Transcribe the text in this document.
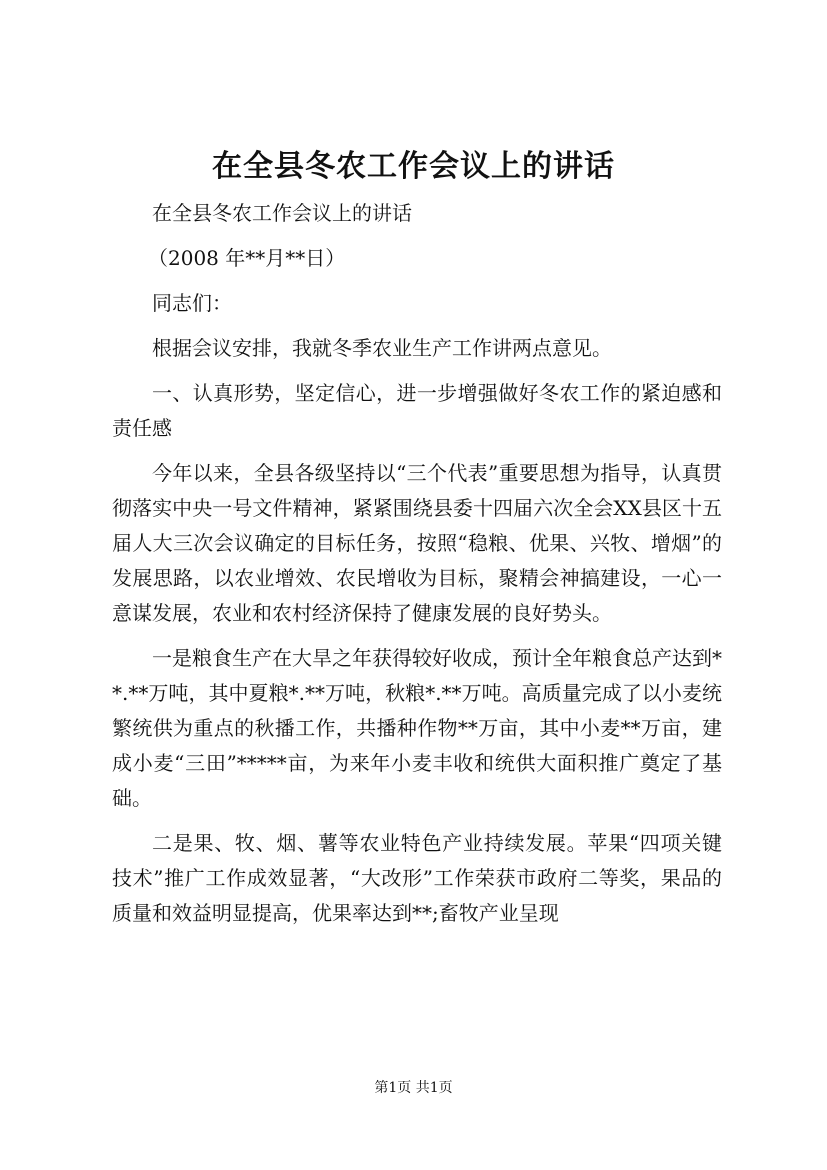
在全县冬农工作会议上的讲话

在全县冬农工作会议上的讲话

（2008 年**月**日）

同志们：

根据会议安排，我就冬季农业生产工作讲两点意见。

一、认真形势，坚定信心，进一步增强做好冬农工作的紧迫感和责任感

今年以来，全县各级坚持以“三个代表”重要思想为指导，认真贯彻落实中央一号文件精神，紧紧围绕县委十四届六次全会XX县区十五届人大三次会议确定的目标任务，按照“稳粮、优果、兴牧、增烟”的发展思路，以农业增效、农民增收为目标，聚精会神搞建设，一心一意谋发展，农业和农村经济保持了健康发展的良好势头。

一是粮食生产在大旱之年获得较好收成，预计全年粮食总产达到**.**万吨，其中夏粮*.**万吨，秋粮*.**万吨。高质量完成了以小麦统繁统供为重点的秋播工作，共播种作物**万亩，其中小麦**万亩，建成小麦“三田”*****亩，为来年小麦丰收和统供大面积推广奠定了基础。

二是果、牧、烟、薯等农业特色产业持续发展。苹果“四项关键技术”推广工作成效显著，“大改形”工作荣获市政府二等奖，果品的质量和效益明显提高，优果率达到**;畜牧产业呈现

第1页 共1页
